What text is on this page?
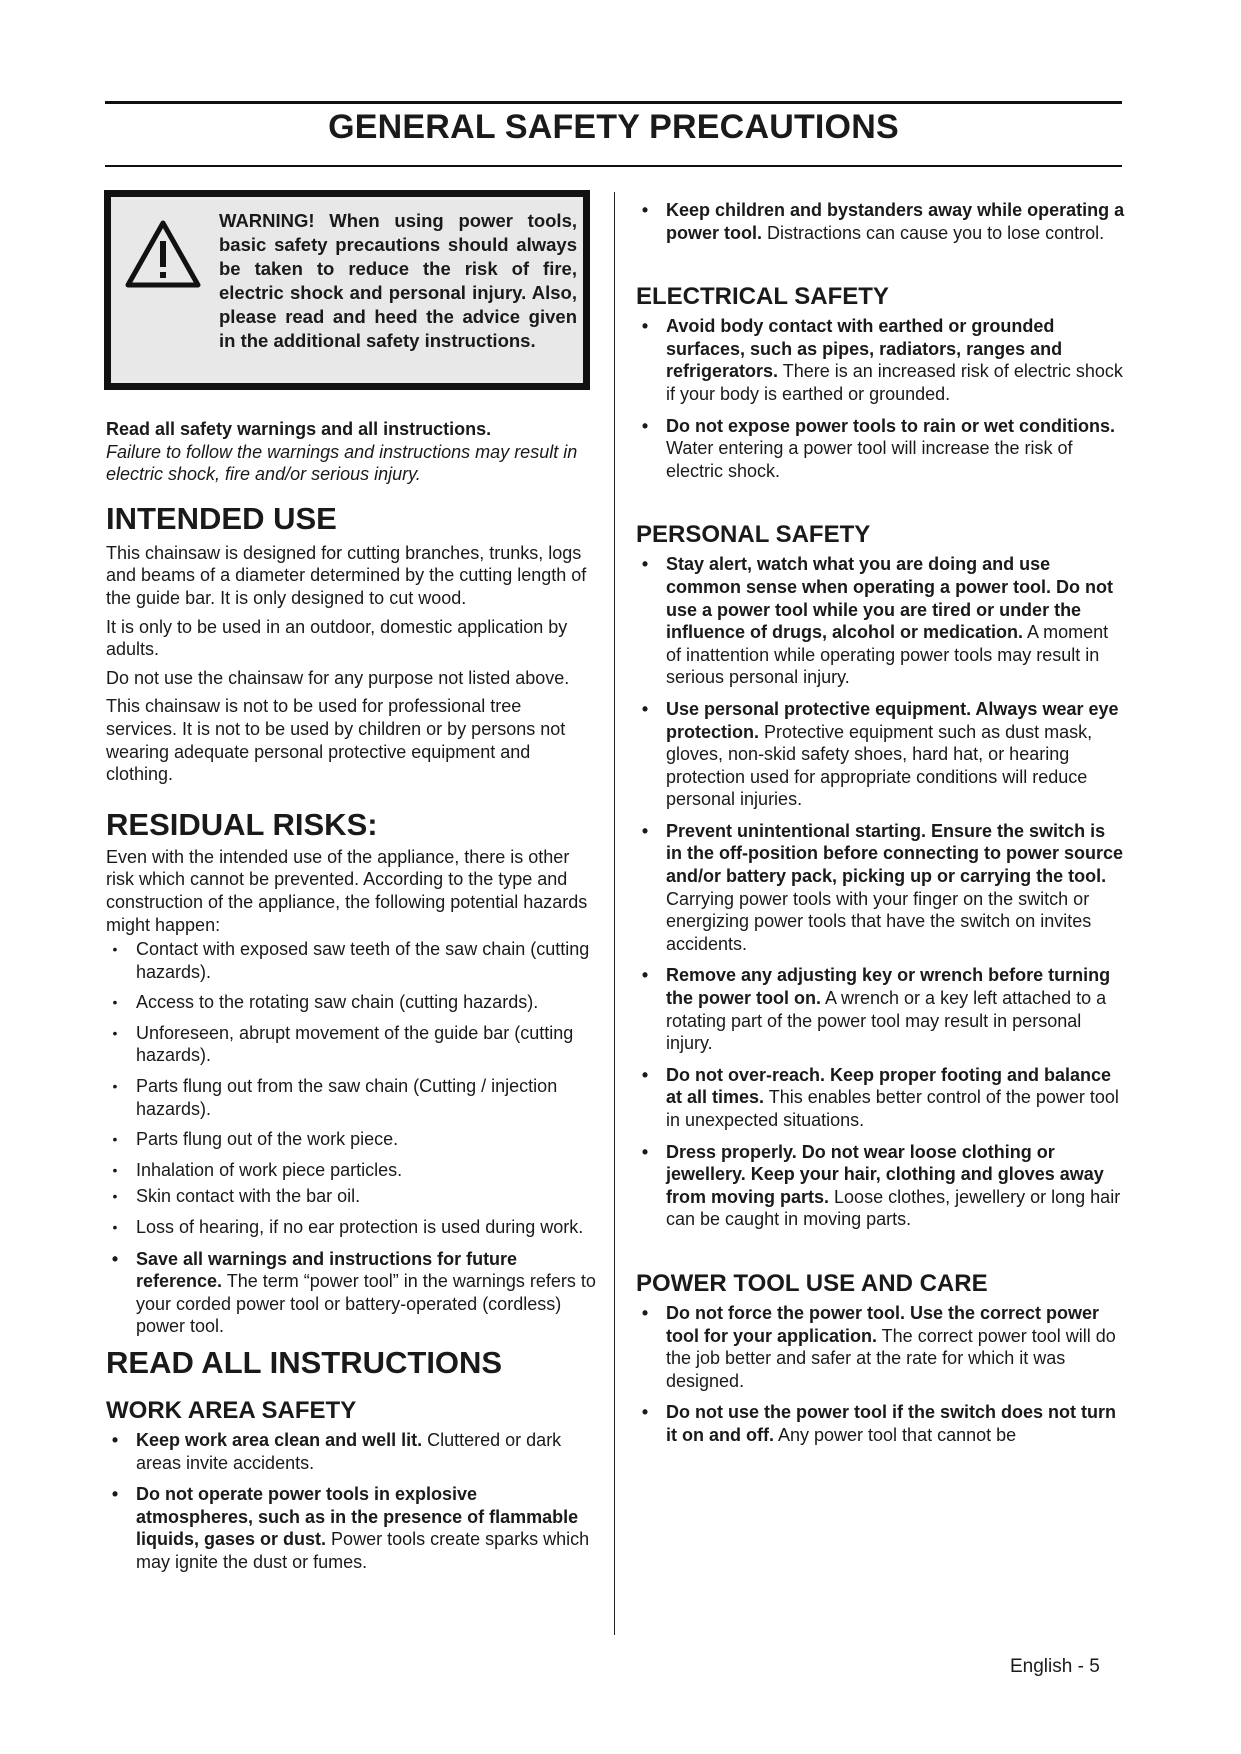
GENERAL SAFETY PRECAUTIONS
WARNING! When using power tools, basic safety precautions should always be taken to reduce the risk of fire, electric shock and personal injury. Also, please read and heed the advice given in the additional safety instructions.

Read all safety warnings and all instructions.

Failure to follow the warnings and instructions may result in electric shock, fire and/or serious injury.

INTENDED USE

This chainsaw is designed for cutting branches, trunks, logs and beams of a diameter determined by the cutting length of the guide bar. It is only designed to cut wood.

It is only to be used in an outdoor, domestic application by adults.

Do not use the chainsaw for any purpose not listed above.

This chainsaw is not to be used for professional tree services. It is not to be used by children or by persons not wearing adequate personal protective equipment and clothing.

RESIDUAL RISKS:

Even with the intended use of the appliance, there is other risk which cannot be prevented. According to the type and construction of the appliance, the following potential hazards might happen:

•	Contact with exposed saw teeth of the saw chain (cutting hazards).
•	Access to the rotating saw chain (cutting hazards).
•	Unforeseen, abrupt movement of the guide bar (cutting hazards).
•	Parts flung out from the saw chain (Cutting / injection hazards).
•	Parts flung out of the work piece.
•	Inhalation of work piece particles.
•	Skin contact with the bar oil.
•	Loss of hearing, if no ear protection is used during work.
• Save all warnings and instructions for future reference. The term “power tool” in the warnings refers to your corded power tool or battery-operated (cordless) power tool.
READ ALL INSTRUCTIONS
WORK AREA SAFETY
• Keep work area clean and well lit. Cluttered or dark areas invite accidents.
• Do not operate power tools in explosive atmospheres, such as in the presence of flammable liquids, gases or dust. Power tools create sparks which may ignite the dust or fumes.
• Keep children and bystanders away while operating a power tool. Distractions can cause you to lose control.
ELECTRICAL SAFETY
• Avoid body contact with earthed or grounded surfaces, such as pipes, radiators, ranges and refrigerators. There is an increased risk of electric shock if your body is earthed or grounded.
• Do not expose power tools to rain or wet conditions. Water entering a power tool will increase the risk of electric shock.
PERSONAL SAFETY
• Stay alert, watch what you are doing and use common sense when operating a power tool. Do not use a power tool while you are tired or under the influence of drugs, alcohol or medication. A moment of inattention while operating power tools may result in serious personal injury.
• Use personal protective equipment. Always wear eye protection. Protective equipment such as dust mask, gloves, non-skid safety shoes, hard hat, or hearing protection used for appropriate conditions will reduce personal injuries.
• Prevent unintentional starting. Ensure the switch is in the off-position before connecting to power source and/or battery pack, picking up or carrying the tool. Carrying power tools with your finger on the switch or energizing power tools that have the switch on invites accidents.
• Remove any adjusting key or wrench before turning the power tool on. A wrench or a key left attached to a rotating part of the power tool may result in personal injury.
• Do not over-reach. Keep proper footing and balance at all times. This enables better control of the power tool in unexpected situations.
• Dress properly. Do not wear loose clothing or jewellery. Keep your hair, clothing and gloves away from moving parts. Loose clothes, jewellery or long hair can be caught in moving parts.
POWER TOOL USE AND CARE
• Do not force the power tool. Use the correct power tool for your application. The correct power tool will do the job better and safer at the rate for which it was designed.
• Do not use the power tool if the switch does not turn it on and off. Any power tool that cannot be
English - 5
